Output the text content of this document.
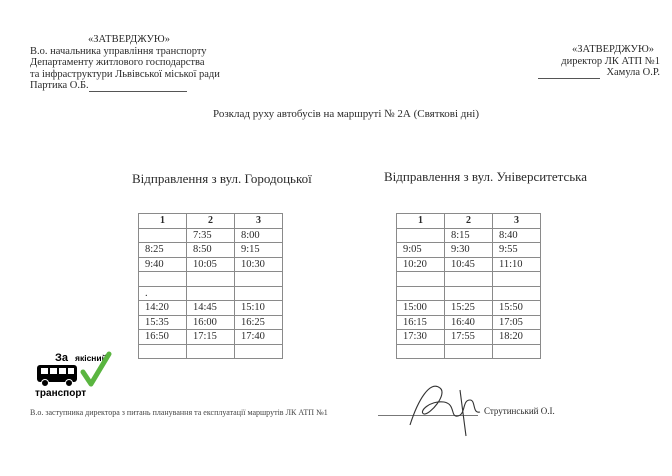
«ЗАТВЕРДЖУЮ»
В.о. начальника управління транспорту
Департаменту житлового господарства
та інфраструктури Львівської міської ради
Партика О.Б.
«ЗАТВЕРДЖУЮ»
директор ЛК АТП №1
Хамула О.Р.
Розклад руху автобусів на маршруті № 2А (Святкові дні)
Відправлення з вул. Городоцької	Відправлення з вул. Університетська
1	2	3
	7:35	8:00
8:25	8:50	9:15
9:40	10:05	10:30

.		
14:20	14:45	15:10
15:35	16:00	16:25
16:50	17:15	17:40

1	2	3
	8:15	8:40
9:05	9:30	9:55
10:20	10:45	11:10

15:00	15:25	15:50
16:15	16:40	17:05
17:30	17:55	18:20

За якісний
транспорт
В.о. заступника директора з питань планування та експлуатації маршрутів ЛК АТП №1	Струтинський О.І.
